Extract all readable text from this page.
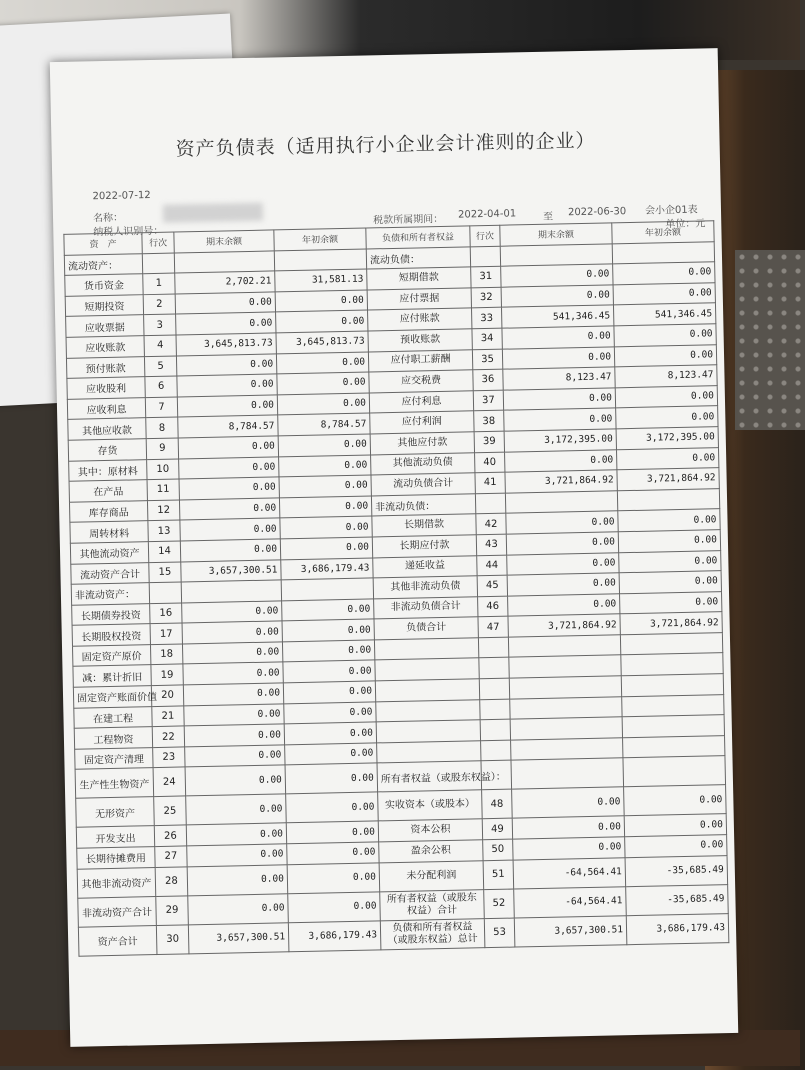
资产负债表（适用执行小企业会计准则的企业）
2022-07-12
名称：
纳税人识别号：
税款所属期间： 2022-04-01	至 2022-06-30 会小企01表
单位：元
资　产	行次	期末余额	年初余额	负债和所有者权益	行次	期末余额	年初余额
流动资产：				流动负债：			
货币资金	1	2,702.21	31,581.13	短期借款	31	0.00	0.00
短期投资	2	0.00	0.00	应付票据	32	0.00	0.00
应收票据	3	0.00	0.00	应付账款	33	541,346.45	541,346.45
应收账款	4	3,645,813.73	3,645,813.73	预收账款	34	0.00	0.00
预付账款	5	0.00	0.00	应付职工薪酬	35	0.00	0.00
应收股利	6	0.00	0.00	应交税费	36	8,123.47	8,123.47
应收利息	7	0.00	0.00	应付利息	37	0.00	0.00
其他应收款	8	8,784.57	8,784.57	应付利润	38	0.00	0.00
存货	9	0.00	0.00	其他应付款	39	3,172,395.00	3,172,395.00
其中：原材料	10	0.00	0.00	其他流动负债	40	0.00	0.00
在产品	11	0.00	0.00	流动负债合计	41	3,721,864.92	3,721,864.92
库存商品	12	0.00	0.00	非流动负债：			
周转材料	13	0.00	0.00	长期借款	42	0.00	0.00
其他流动资产	14	0.00	0.00	长期应付款	43	0.00	0.00
流动资产合计	15	3,657,300.51	3,686,179.43	递延收益	44	0.00	0.00
非流动资产：				其他非流动负债	45	0.00	0.00
长期债券投资	16	0.00	0.00	非流动负债合计	46	0.00	0.00
长期股权投资	17	0.00	0.00	负债合计	47	3,721,864.92	3,721,864.92
固定资产原价	18	0.00	0.00				
减：累计折旧	19	0.00	0.00				
固定资产账面价值	20	0.00	0.00				
在建工程	21	0.00	0.00				
工程物资	22	0.00	0.00				
固定资产清理	23	0.00	0.00				
生产性生物资产	24	0.00	0.00	所有者权益（或股东权益）：			
无形资产	25	0.00	0.00	实收资本（或股本）	48	0.00	0.00
开发支出	26	0.00	0.00	资本公积	49	0.00	0.00
长期待摊费用	27	0.00	0.00	盈余公积	50	0.00	0.00
其他非流动资产	28	0.00	0.00	未分配利润	51	-64,564.41	-35,685.49
非流动资产合计	29	0.00	0.00	所有者权益（或股东权益）合计	52	-64,564.41	-35,685.49
资产合计	30	3,657,300.51	3,686,179.43	负债和所有者权益（或股东权益）总计	53	3,657,300.51	3,686,179.43
